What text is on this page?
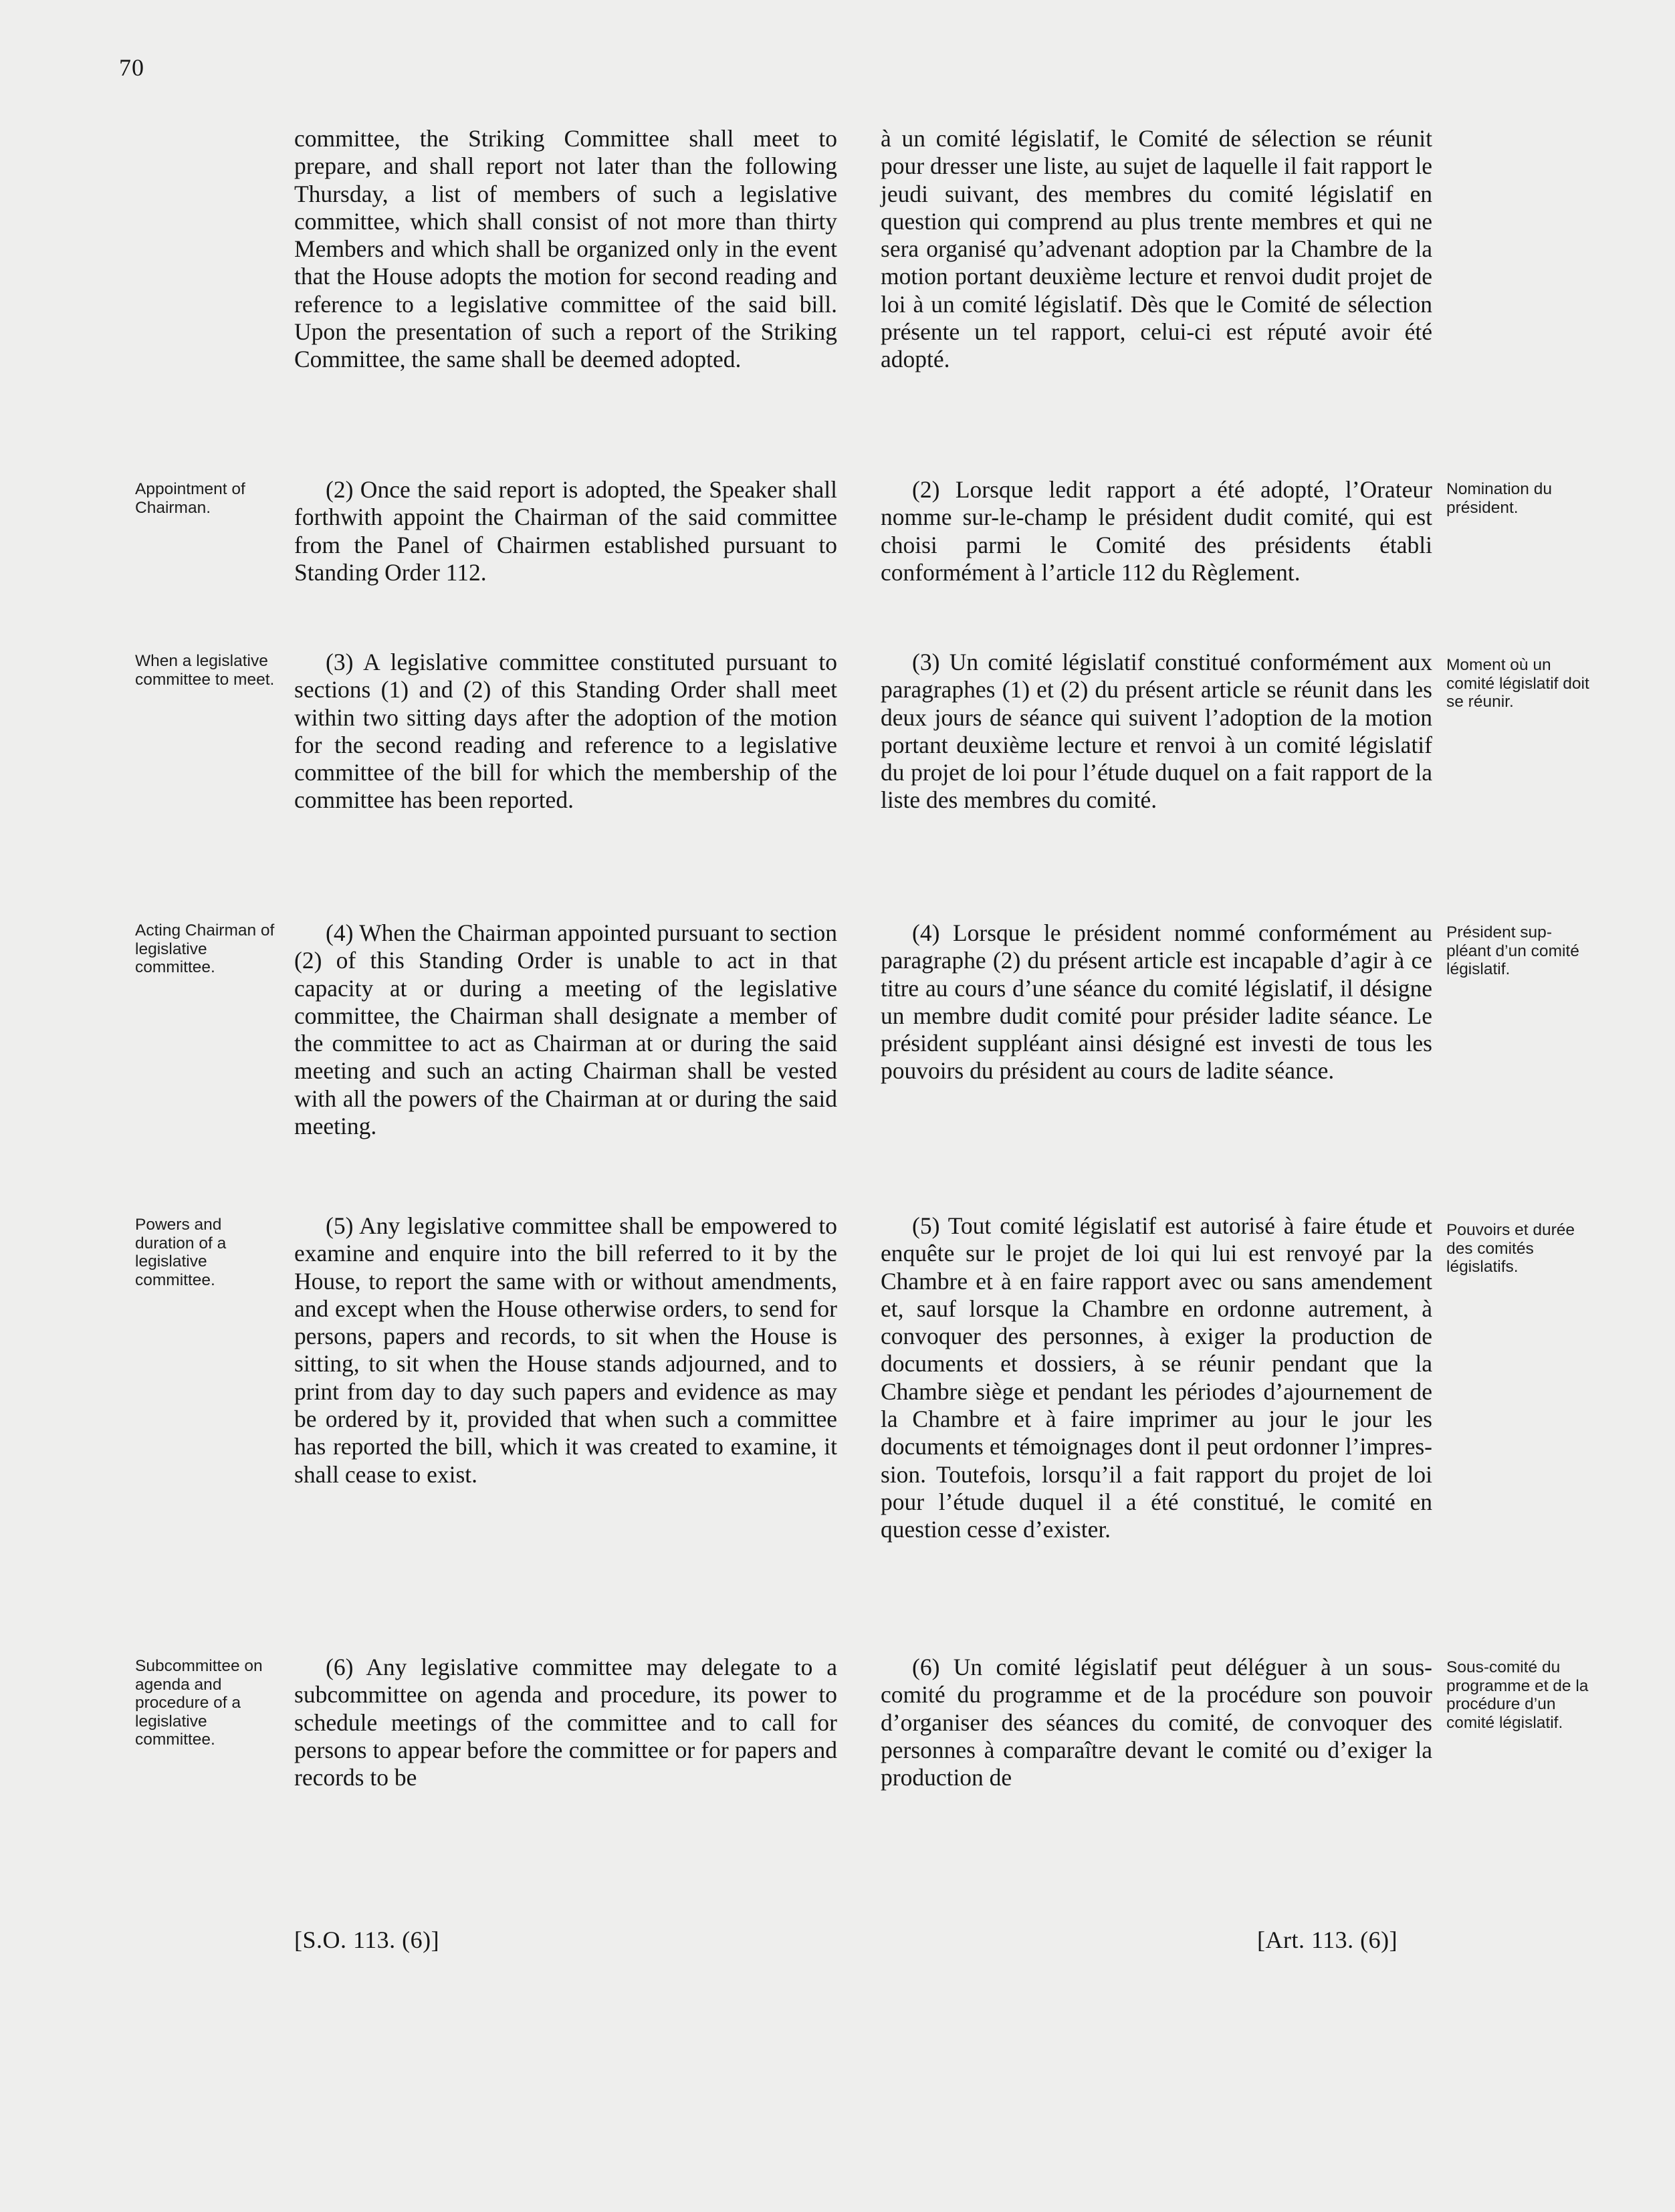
70

committee, the Striking Committee shall meet to prepare, and shall report not later than the following Thursday, a list of members of such a legislative committee, which shall consist of not more than thirty Members and which shall be organized only in the event that the House adopts the motion for second reading and reference to a legislative committee of the said bill. Upon the presentation of such a report of the Striking Committee, the same shall be deemed adopted.

(2) Once the said report is adopted, the Speaker shall forthwith appoint the Chairman of the said committee from the Panel of Chairmen established pursuant to Standing Order 112.

(3) A legislative committee constituted pursuant to sections (1) and (2) of this Standing Order shall meet within two sitting days after the adoption of the motion for the second reading and reference to a legislative committee of the bill for which the membership of the committee has been reported.

(4) When the Chairman appointed pursuant to section (2) of this Standing Order is unable to act in that capacity at or during a meeting of the legislative committee, the Chairman shall designate a member of the committee to act as Chairman at or during the said meeting and such an acting Chairman shall be vested with all the powers of the Chairman at or during the said meeting.

(5) Any legislative committee shall be empowered to examine and enquire into the bill referred to it by the House, to report the same with or without amendments, and except when the House otherwise orders, to send for persons, papers and records, to sit when the House is sitting, to sit when the House stands adjourned, and to print from day to day such papers and evidence as may be ordered by it, provided that when such a committee has reported the bill, which it was created to examine, it shall cease to exist.

(6) Any legislative committee may delegate to a subcommittee on agenda and procedure, its power to schedule meetings of the committee and to call for persons to appear before the committee or for papers and records to be

à un comité législatif, le Comité de sélection se réunit pour dresser une liste, au sujet de laquelle il fait rapport le jeudi suivant, des membres du comité législatif en question qui comprend au plus trente membres et qui ne sera organisé qu’advenant adoption par la Chambre de la motion portant deuxième lecture et renvoi dudit projet de loi à un comité législatif. Dès que le Comité de sélection présente un tel rapport, celui-ci est réputé avoir été adopté.

(2) Lorsque ledit rapport a été adopté, l’Orateur nomme sur-le-champ le président dudit comité, qui est choisi parmi le Comité des présidents établi conformément à l’article 112 du Règlement.

(3) Un comité législatif constitué conformément aux paragraphes (1) et (2) du présent article se réunit dans les deux jours de séance qui suivent l’adoption de la motion portant deuxième lecture et renvoi à un comité législatif du projet de loi pour l’étude duquel on a fait rapport de la liste des membres du comité.

(4) Lorsque le président nommé conformément au paragraphe (2) du présent article est incapable d’agir à ce titre au cours d’une séance du comité législatif, il désigne un membre dudit comité pour présider ladite séance. Le président suppléant ainsi désigné est investi de tous les pouvoirs du président au cours de ladite séance.

(5) Tout comité législatif est autorisé à faire étude et enquête sur le projet de loi qui lui est renvoyé par la Chambre et à en faire rapport avec ou sans amendement et, sauf lorsque la Chambre en ordonne autrement, à convoquer des personnes, à exiger la production de documents et dossiers, à se réunir pendant que la Chambre siège et pendant les périodes d’ajournement de la Chambre et à faire imprimer au jour le jour les documents et témoignages dont il peut ordonner l’impression. Toutefois, lorsqu’il a fait rapport du projet de loi pour l’étude duquel il a été constitué, le comité en question cesse d’exister.

(6) Un comité législatif peut déléguer à un sous-comité du programme et de la procédure son pouvoir d’organiser des séances du comité, de convoquer des personnes à comparaître devant le comité ou d’exiger la production de

Appointment of Chairman.

When a legislative committee to meet.

Acting Chairman of legislative committee.

Powers and duration of a legislative committee.

Subcommittee on agenda and procedure of a legislative committee.

Nomination du président.

Moment où un comité législatif doit se réunir.

Président suppléant d’un comité législatif.

Pouvoirs et durée des comités législatifs.

Sous-comité du programme et de la procédure d’un comité législatif.

[S.O. 113. (6)]	[Art. 113. (6)]
